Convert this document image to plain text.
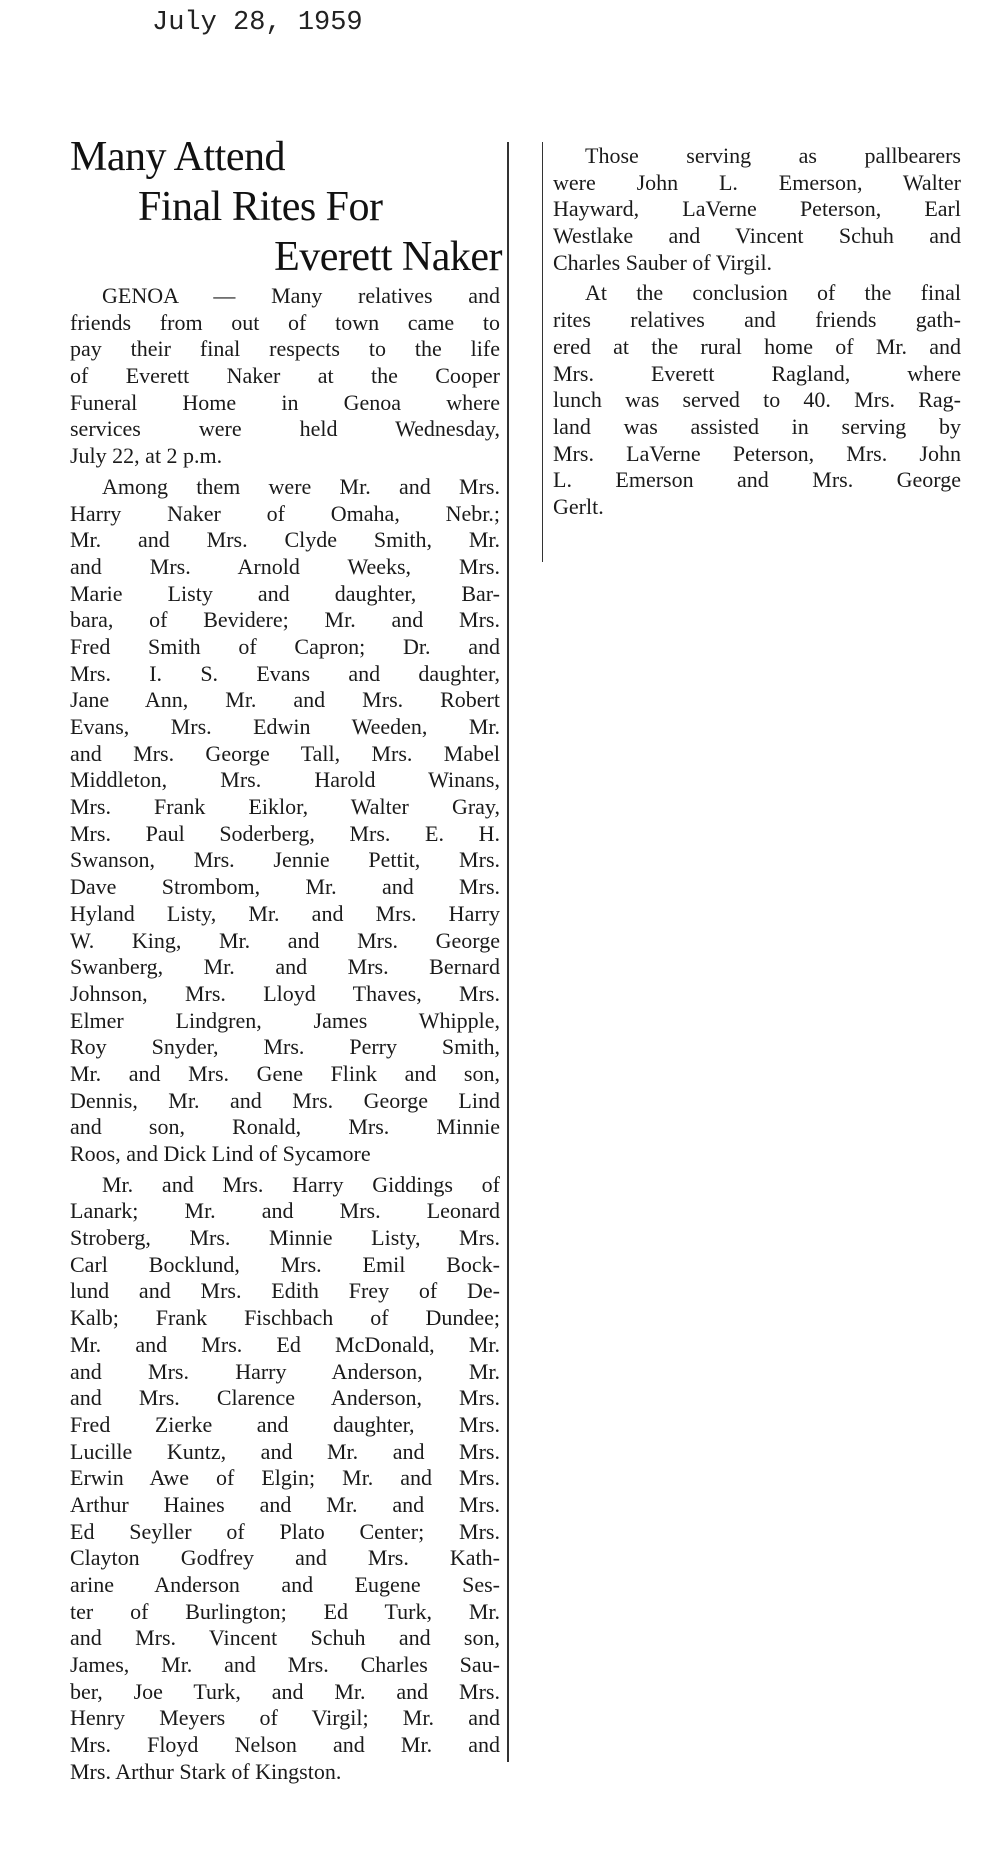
July 28, 1959
Many Attend
Final Rites For
Everett Naker
GENOA — Many relatives and
friends from out of town came to
pay their final respects to the life
of Everett Naker at the Cooper
Funeral Home in Genoa where
services were held Wednesday,
July 22, at 2 p.m.
Among them were Mr. and Mrs.
Harry Naker of Omaha, Nebr.;
Mr. and Mrs. Clyde Smith, Mr.
and Mrs. Arnold Weeks, Mrs.
Marie Listy and daughter, Bar-
bara, of Bevidere; Mr. and Mrs.
Fred Smith of Capron; Dr. and
Mrs. I. S. Evans and daughter,
Jane Ann, Mr. and Mrs. Robert
Evans, Mrs. Edwin Weeden, Mr.
and Mrs. George Tall, Mrs. Mabel
Middleton, Mrs. Harold Winans,
Mrs. Frank Eiklor, Walter Gray,
Mrs. Paul Soderberg, Mrs. E. H.
Swanson, Mrs. Jennie Pettit, Mrs.
Dave Strombom, Mr. and Mrs.
Hyland Listy, Mr. and Mrs. Harry
W. King, Mr. and Mrs. George
Swanberg, Mr. and Mrs. Bernard
Johnson, Mrs. Lloyd Thaves, Mrs.
Elmer Lindgren, James Whipple,
Roy Snyder, Mrs. Perry Smith,
Mr. and Mrs. Gene Flink and son,
Dennis, Mr. and Mrs. George Lind
and son, Ronald, Mrs. Minnie
Roos, and Dick Lind of Sycamore
Mr. and Mrs. Harry Giddings of
Lanark; Mr. and Mrs. Leonard
Stroberg, Mrs. Minnie Listy, Mrs.
Carl Bocklund, Mrs. Emil Bock-
lund and Mrs. Edith Frey of De-
Kalb; Frank Fischbach of Dundee;
Mr. and Mrs. Ed McDonald, Mr.
and Mrs. Harry Anderson, Mr.
and Mrs. Clarence Anderson, Mrs.
Fred Zierke and daughter, Mrs.
Lucille Kuntz, and Mr. and Mrs.
Erwin Awe of Elgin; Mr. and Mrs.
Arthur Haines and Mr. and Mrs.
Ed Seyller of Plato Center; Mrs.
Clayton Godfrey and Mrs. Kath-
arine Anderson and Eugene Ses-
ter of Burlington; Ed Turk, Mr.
and Mrs. Vincent Schuh and son,
James, Mr. and Mrs. Charles Sau-
ber, Joe Turk, and Mr. and Mrs.
Henry Meyers of Virgil; Mr. and
Mrs. Floyd Nelson and Mr. and
Mrs. Arthur Stark of Kingston.
Those serving as pallbearers
were John L. Emerson, Walter
Hayward, LaVerne Peterson, Earl
Westlake and Vincent Schuh and
Charles Sauber of Virgil.
At the conclusion of the final
rites relatives and friends gath-
ered at the rural home of Mr. and
Mrs. Everett Ragland, where
lunch was served to 40. Mrs. Rag-
land was assisted in serving by
Mrs. LaVerne Peterson, Mrs. John
L. Emerson and Mrs. George
Gerlt.
